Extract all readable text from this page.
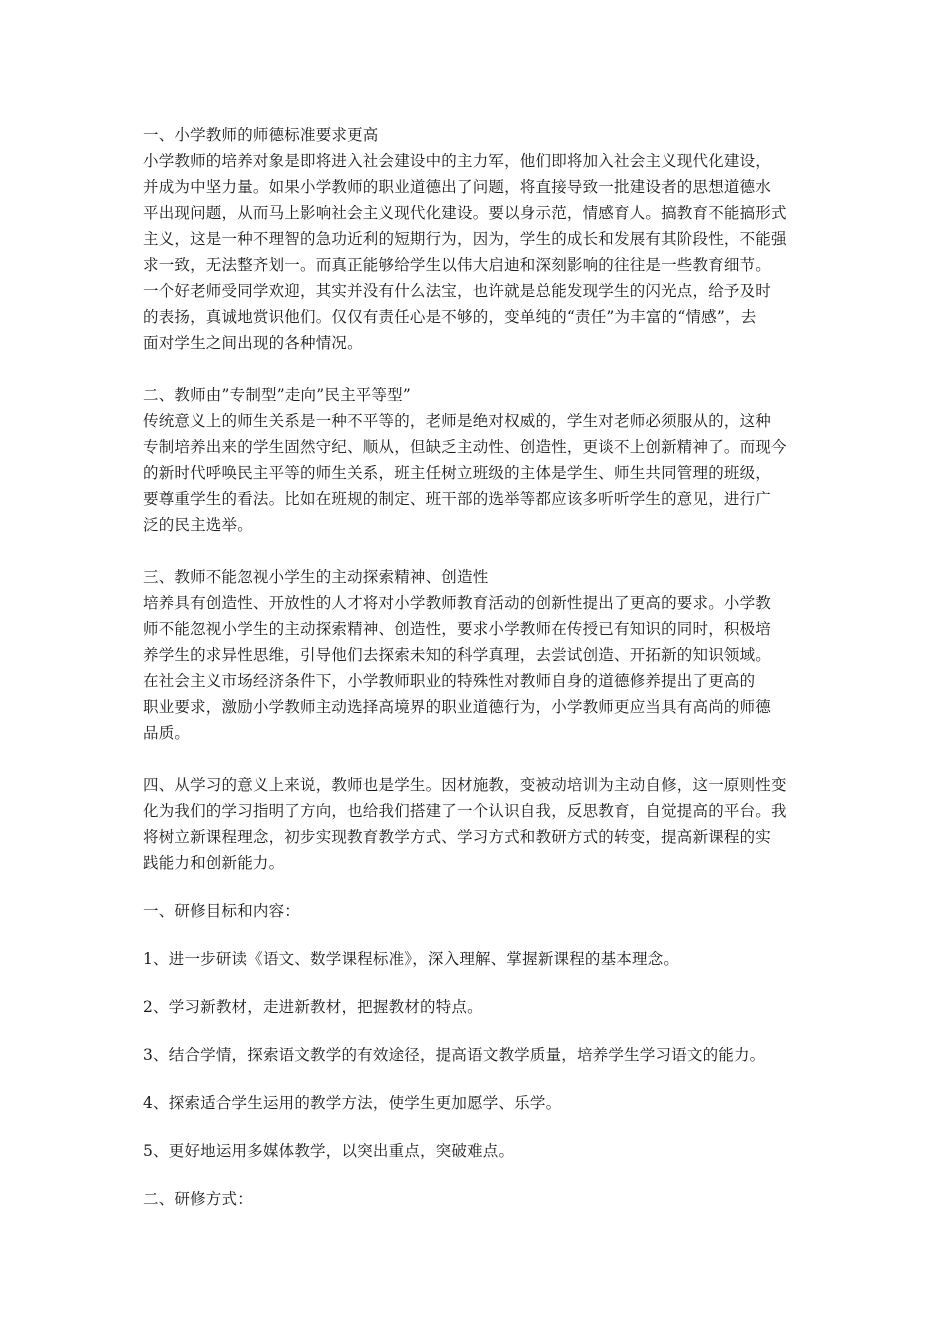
一、小学教师的师德标准要求更高
小学教师的培养对象是即将进入社会建设中的主力军，他们即将加入社会主义现代化建设，
并成为中坚力量。如果小学教师的职业道德出了问题，将直接导致一批建设者的思想道德水
平出现问题，从而马上影响社会主义现代化建设。要以身示范，情感育人。搞教育不能搞形式
主义，这是一种不理智的急功近利的短期行为，因为，学生的成长和发展有其阶段性，不能强
求一致，无法整齐划一。而真正能够给学生以伟大启迪和深刻影响的往往是一些教育细节。
一个好老师受同学欢迎，其实并没有什么法宝，也许就是总能发现学生的闪光点，给予及时
的表扬，真诚地赏识他们。仅仅有责任心是不够的，变单纯的“责任”为丰富的“情感”，去
面对学生之间出现的各种情况。
二、教师由”专制型”走向”民主平等型”
传统意义上的师生关系是一种不平等的，老师是绝对权威的，学生对老师必须服从的，这种
专制培养出来的学生固然守纪、顺从，但缺乏主动性、创造性，更谈不上创新精神了。而现今
的新时代呼唤民主平等的师生关系，班主任树立班级的主体是学生、师生共同管理的班级，
要尊重学生的看法。比如在班规的制定、班干部的选举等都应该多听听学生的意见，进行广
泛的民主选举。
三、教师不能忽视小学生的主动探索精神、创造性
培养具有创造性、开放性的人才将对小学教师教育活动的创新性提出了更高的要求。小学教
师不能忽视小学生的主动探索精神、创造性，要求小学教师在传授已有知识的同时，积极培
养学生的求异性思维，引导他们去探索未知的科学真理，去尝试创造、开拓新的知识领域。
在社会主义市场经济条件下，小学教师职业的特殊性对教师自身的道德修养提出了更高的
职业要求，激励小学教师主动选择高境界的职业道德行为，小学教师更应当具有高尚的师德
品质。
四、从学习的意义上来说，教师也是学生。因材施教，变被动培训为主动自修，这一原则性变
化为我们的学习指明了方向，也给我们搭建了一个认识自我，反思教育，自觉提高的平台。我
将树立新课程理念，初步实现教育教学方式、学习方式和教研方式的转变，提高新课程的实
践能力和创新能力。
一、研修目标和内容：
1、进一步研读《语文、数学课程标准》，深入理解、掌握新课程的基本理念。
2、学习新教材，走进新教材，把握教材的特点。
3、结合学情，探索语文教学的有效途径，提高语文教学质量，培养学生学习语文的能力。
4、探索适合学生运用的教学方法，使学生更加愿学、乐学。
5、更好地运用多媒体教学，以突出重点，突破难点。
二、研修方式：
